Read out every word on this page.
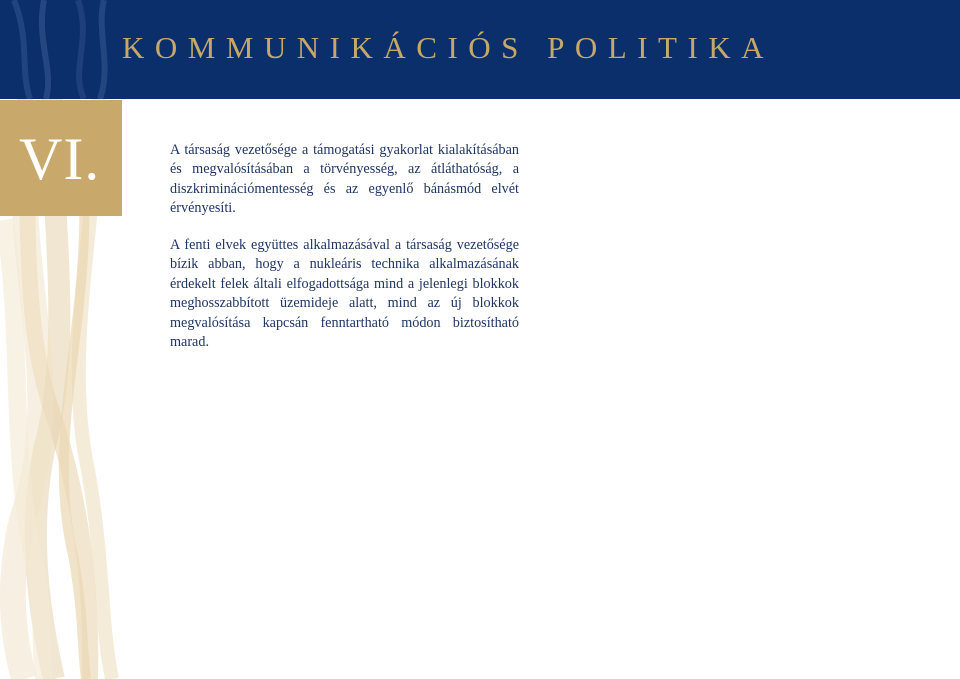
KOMMUNIKÁCIÓS POLITIKA
VI.	A társaság vezetősége a támogatási gyakorlat kialakításában és megvalósításában a törvényesség, az átláthatóság, a diszkriminációmentesség és az egyenlő bánásmód elvét érvényesíti.

A fenti elvek együttes alkalmazásával a társaság vezetősége bízik abban, hogy a nukleáris technika alkalmazásának érdekelt felek általi elfogadottsága mind a jelenlegi blokkok meghosszabbított üzemideje alatt, mind az új blokkok megvalósítása kapcsán fenntartható módon biztosítható marad.
